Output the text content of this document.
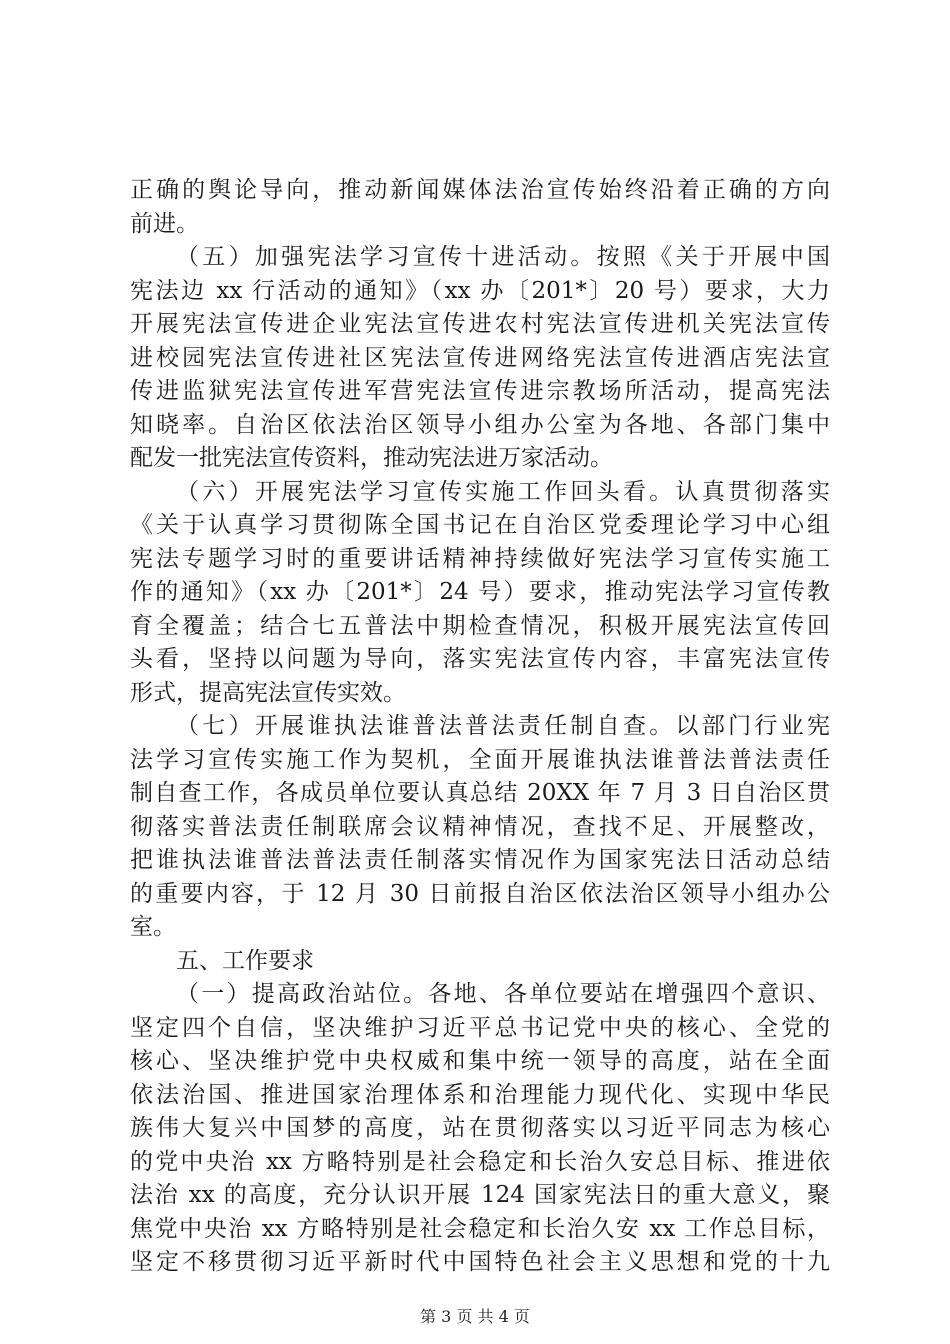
正确的舆论导向，推动新闻媒体法治宣传始终沿着正确的方向
前进。
（五）加强宪法学习宣传十进活动。按照《关于开展中国
宪法边 xx 行活动的通知》（xx 办〔201*〕20 号）要求，大力
开展宪法宣传进企业宪法宣传进农村宪法宣传进机关宪法宣传
进校园宪法宣传进社区宪法宣传进网络宪法宣传进酒店宪法宣
传进监狱宪法宣传进军营宪法宣传进宗教场所活动，提高宪法
知晓率。自治区依法治区领导小组办公室为各地、各部门集中
配发一批宪法宣传资料，推动宪法进万家活动。
（六）开展宪法学习宣传实施工作回头看。认真贯彻落实
《关于认真学习贯彻陈全国书记在自治区党委理论学习中心组
宪法专题学习时的重要讲话精神持续做好宪法学习宣传实施工
作的通知》（xx 办〔201*〕24 号）要求，推动宪法学习宣传教
育全覆盖；结合七五普法中期检查情况，积极开展宪法宣传回
头看，坚持以问题为导向，落实宪法宣传内容，丰富宪法宣传
形式，提高宪法宣传实效。
（七）开展谁执法谁普法普法责任制自查。以部门行业宪
法学习宣传实施工作为契机，全面开展谁执法谁普法普法责任
制自查工作，各成员单位要认真总结 20XX 年 7 月 3 日自治区贯
彻落实普法责任制联席会议精神情况，查找不足、开展整改，
把谁执法谁普法普法责任制落实情况作为国家宪法日活动总结
的重要内容，于 12 月 30 日前报自治区依法治区领导小组办公
室。
五、工作要求
（一）提高政治站位。各地、各单位要站在增强四个意识、
坚定四个自信，坚决维护习近平总书记党中央的核心、全党的
核心、坚决维护党中央权威和集中统一领导的高度，站在全面
依法治国、推进国家治理体系和治理能力现代化、实现中华民
族伟大复兴中国梦的高度，站在贯彻落实以习近平同志为核心
的党中央治 xx 方略特别是社会稳定和长治久安总目标、推进依
法治 xx 的高度，充分认识开展 124 国家宪法日的重大意义，聚
焦党中央治 xx 方略特别是社会稳定和长治久安 xx 工作总目标，
坚定不移贯彻习近平新时代中国特色社会主义思想和党的十九
第 3 页 共 4 页
